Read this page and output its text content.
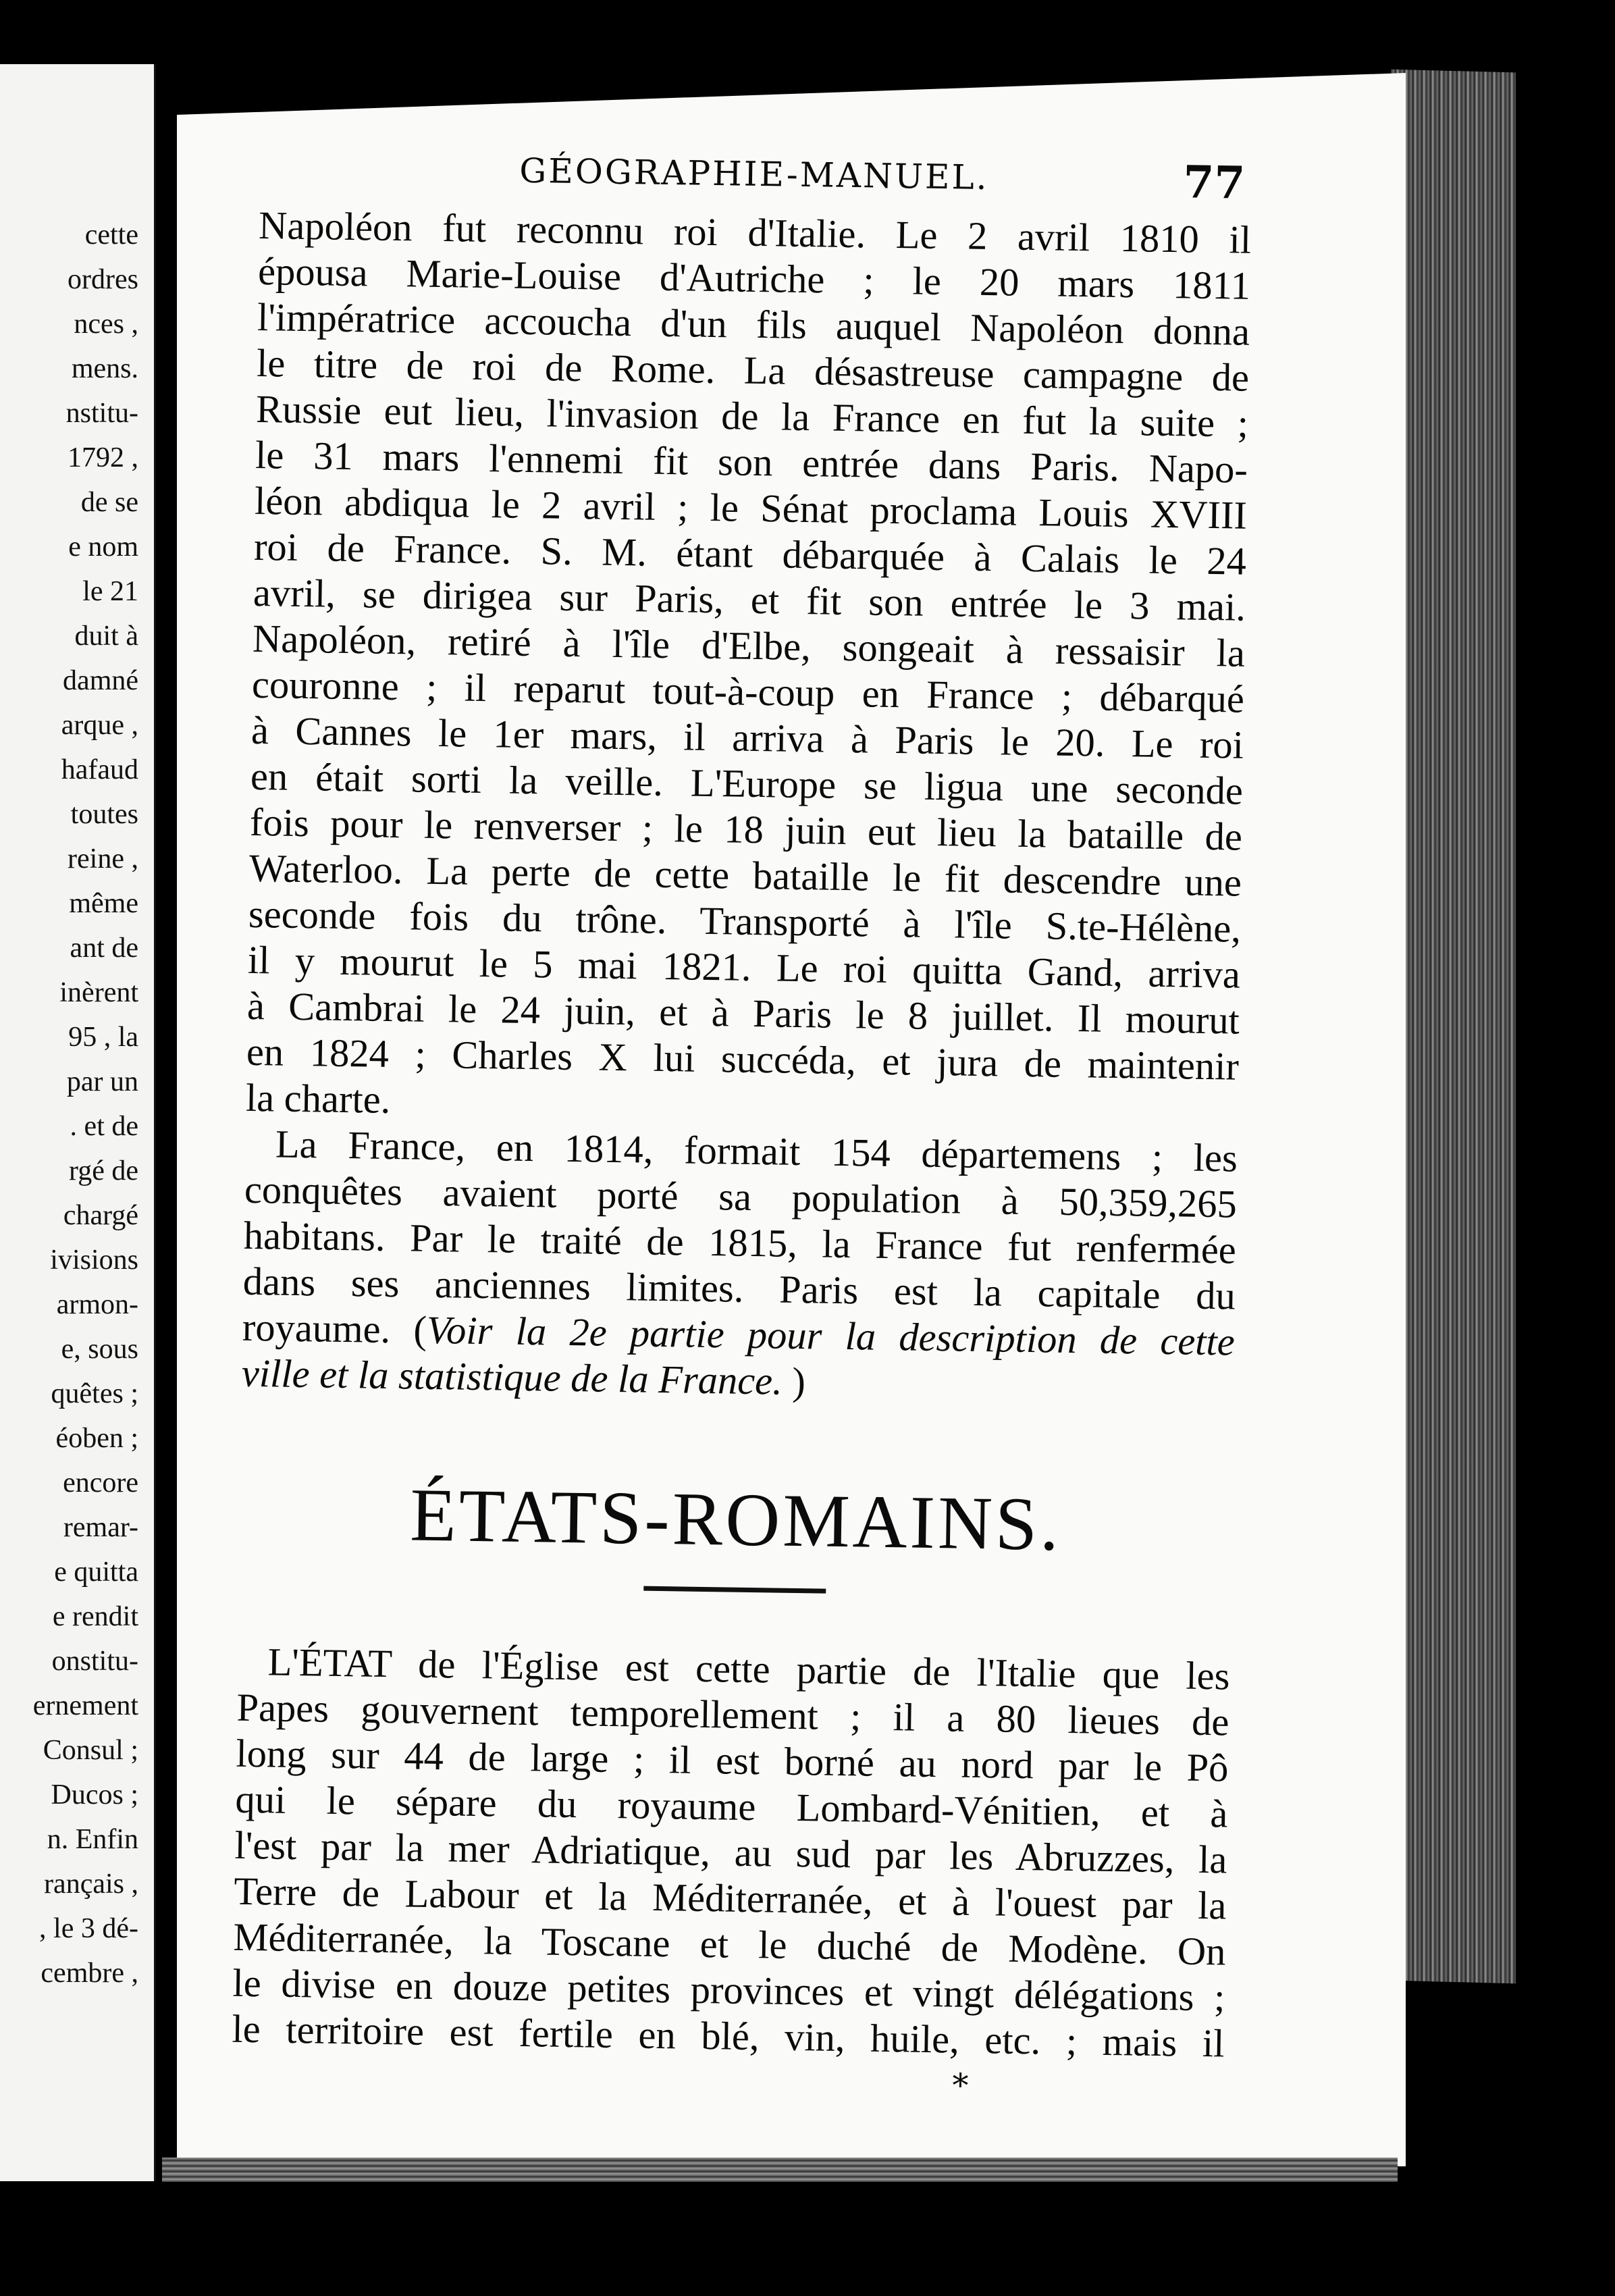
cette
ordres
nces ,
mens.
nstitu-
1792 ,
de se
e nom
le 21
duit à
damné
arque ,
hafaud
toutes
reine ,
même
ant de
inèrent
95 , la
par un
. et de
rgé de
chargé
ivisions
armon-
e, sous
quêtes ;
éoben ;
encore
remar-
e quitta
e rendit
onstitu-
ernement
Consul ;
Ducos ;
n. Enfin
rançais ,
, le 3 dé-
cembre ,
GÉOGRAPHIE-MANUEL.	77
Napoléon fut reconnu roi d'Italie. Le 2 avril 1810 il
épousa Marie-Louise d'Autriche ; le 20 mars 1811
l'impératrice accoucha d'un fils auquel Napoléon donna
le titre de roi de Rome. La désastreuse campagne de
Russie eut lieu, l'invasion de la France en fut la suite ;
le 31 mars l'ennemi fit son entrée dans Paris. Napo-
léon abdiqua le 2 avril ; le Sénat proclama Louis XVIII
roi de France. S. M. étant débarquée à Calais le 24
avril, se dirigea sur Paris, et fit son entrée le 3 mai.
Napoléon, retiré à l'île d'Elbe, songeait à ressaisir la
couronne ; il reparut tout-à-coup en France ; débarqué
à Cannes le 1er mars, il arriva à Paris le 20. Le roi
en était sorti la veille. L'Europe se ligua une seconde
fois pour le renverser ; le 18 juin eut lieu la bataille de
Waterloo. La perte de cette bataille le fit descendre une
seconde fois du trône. Transporté à l'île S.te-Hélène,
il y mourut le 5 mai 1821. Le roi quitta Gand, arriva
à Cambrai le 24 juin, et à Paris le 8 juillet. Il mourut
en 1824 ; Charles X lui succéda, et jura de maintenir
la charte.
La France, en 1814, formait 154 départemens ; les
conquêtes avaient porté sa population à 50,359,265
habitans. Par le traité de 1815, la France fut renfermée
dans ses anciennes limites. Paris est la capitale du
royaume. (Voir la 2e partie pour la description de cette
ville et la statistique de la France. )
ÉTATS-ROMAINS.
L'ÉTAT de l'Église est cette partie de l'Italie que les
Papes gouvernent temporellement ; il a 80 lieues de
long sur 44 de large ; il est borné au nord par le Pô
qui le sépare du royaume Lombard-Vénitien, et à
l'est par la mer Adriatique, au sud par les Abruzzes, la
Terre de Labour et la Méditerranée, et à l'ouest par la
Méditerranée, la Toscane et le duché de Modène. On
le divise en douze petites provinces et vingt délégations ;
le territoire est fertile en blé, vin, huile, etc. ; mais il
*
